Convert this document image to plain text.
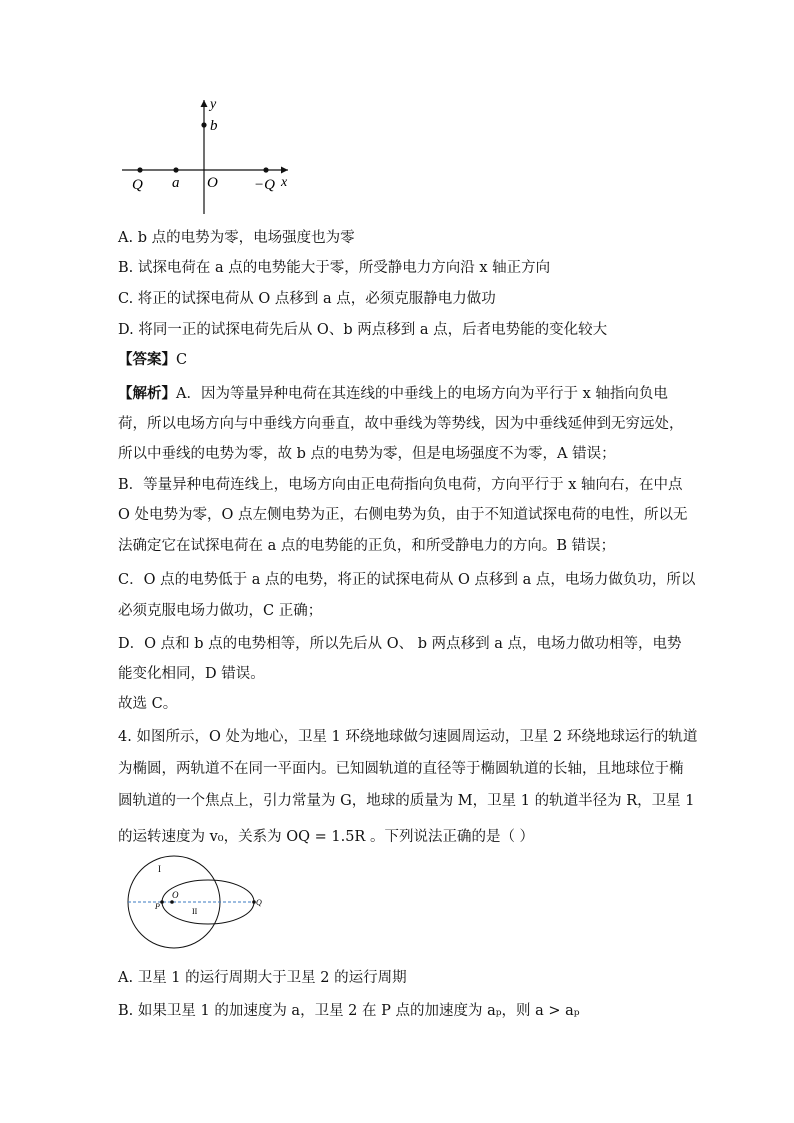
y
b
Q a O −Q x
A. b 点的电势为零，电场强度也为零
B. 试探电荷在 a 点的电势能大于零，所受静电力方向沿 x 轴正方向
C. 将正的试探电荷从 O 点移到 a 点，必须克服静电力做功
D. 将同一正的试探电荷先后从 O、b 两点移到 a 点，后者电势能的变化较大
【答案】C
【解析】A．因为等量异种电荷在其连线的中垂线上的电场方向为平行于 x 轴指向负电
荷，所以电场方向与中垂线方向垂直，故中垂线为等势线，因为中垂线延伸到无穷远处，
所以中垂线的电势为零，故 b 点的电势为零，但是电场强度不为零，A 错误；
B．等量异种电荷连线上，电场方向由正电荷指向负电荷，方向平行于 x 轴向右，在中点
O 处电势为零，O 点左侧电势为正，右侧电势为负，由于不知道试探电荷的电性，所以无
法确定它在试探电荷在 a 点的电势能的正负，和所受静电力的方向。B 错误；
C．O 点的电势低于 a 点的电势，将正的试探电荷从 O 点移到 a 点，电场力做负功，所以
必须克服电场力做功，C 正确；
D．O 点和 b 点的电势相等，所以先后从 O、 b 两点移到 a 点，电场力做功相等，电势
能变化相同，D 错误。
故选 C。
4. 如图所示，O 处为地心，卫星 1 环绕地球做匀速圆周运动，卫星 2 环绕地球运行的轨道
为椭圆，两轨道不在同一平面内。已知圆轨道的直径等于椭圆轨道的长轴，且地球位于椭
圆轨道的一个焦点上，引力常量为 G，地球的质量为 M，卫星 1 的轨道半径为 R，卫星 1
的运转速度为 v₀，关系为 OQ = 1.5R 。下列说法正确的是（ ）
I
II
O
P	Q
A. 卫星 1 的运行周期大于卫星 2 的运行周期
B. 如果卫星 1 的加速度为 a，卫星 2 在 P 点的加速度为 aₚ，则 a > aₚ
